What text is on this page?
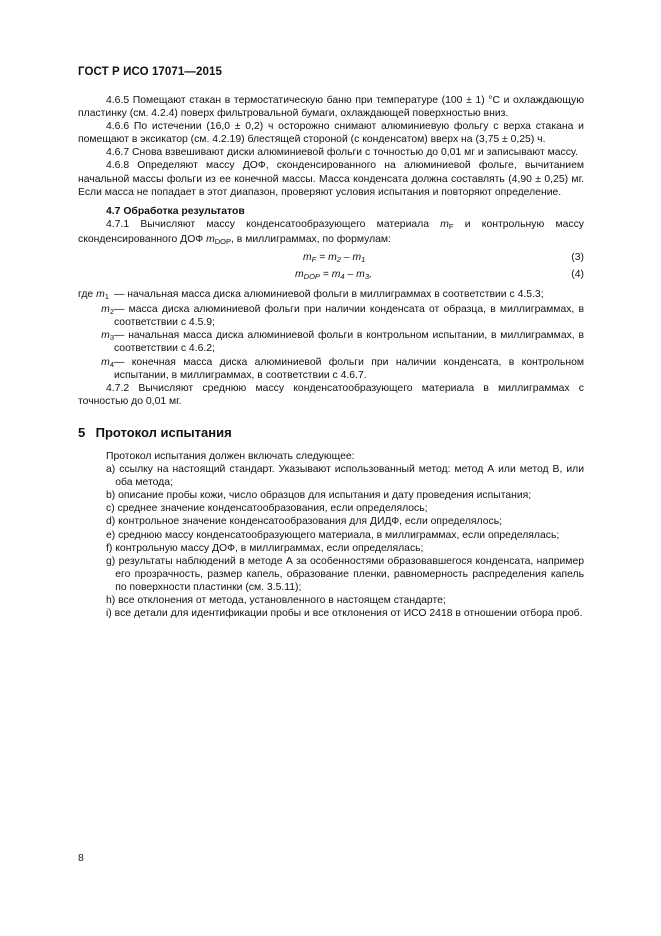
ГОСТ Р ИСО 17071—2015

4.6.5 Помещают стакан в термостатическую баню при температуре (100 ± 1) °С и охлаждающую пластинку (см. 4.2.4) поверх фильтровальной бумаги, охлаждающей поверхностью вниз.

4.6.6 По истечении (16,0 ± 0,2) ч осторожно снимают алюминиевую фольгу с верха стакана и помещают в эксикатор (см. 4.2.19) блестящей стороной (с конденсатом) вверх на (3,75 ± 0,25) ч.

4.6.7 Снова взвешивают диски алюминиевой фольги с точностью до 0,01 мг и записывают массу.

4.6.8 Определяют массу ДОФ, сконденсированного на алюминиевой фольге, вычитанием начальной массы фольги из ее конечной массы. Масса конденсата должна составлять (4,90 ± 0,25) мг. Если масса не попадает в этот диапазон, проверяют условия испытания и повторяют определение.

4.7 Обработка результатов

4.7.1 Вычисляют массу конденсатообразующего материала $m_F$ и контрольную массу сконденсированного ДОФ $m_{DOP}$, в миллиграммах, по формулам:

$m_F = m_2 - m_1$	(3)
$m_{DOP} = m_4 - m_3$,	(4)
где $m_1$ — начальная масса диска алюминиевой фольги в миллиграммах в соответствии с 4.5.3;
$m_2$ — масса диска алюминиевой фольги при наличии конденсата от образца, в миллиграммах, в соответствии с 4.5.9;
$m_3$ — начальная масса диска алюминиевой фольги в контрольном испытании, в миллиграммах, в соответствии с 4.6.2;
$m_4$ — конечная масса диска алюминиевой фольги при наличии конденсата, в контрольном испытании, в миллиграммах, в соответствии с 4.6.7.

4.7.2 Вычисляют среднюю массу конденсатообразующего материала в миллиграммах с точностью до 0,01 мг.

5 Протокол испытания

Протокол испытания должен включать следующее:

a) ссылку на настоящий стандарт. Указывают использованный метод: метод А или метод В, или оба метода;
b) описание пробы кожи, число образцов для испытания и дату проведения испытания;
c) среднее значение конденсатообразования, если определялось;
d) контрольное значение конденсатообразования для ДИДФ, если определялось;
e) среднюю массу конденсатообразующего материала, в миллиграммах, если определялась;
f) контрольную массу ДОФ, в миллиграммах, если определялась;
g) результаты наблюдений в методе А за особенностями образовавшегося конденсата, например его прозрачность, размер капель, образование пленки, равномерность распределения капель по поверхности пластинки (см. 3.5.11);
h) все отклонения от метода, установленного в настоящем стандарте;
i) все детали для идентификации пробы и все отклонения от ИСО 2418 в отношении отбора проб.
8
